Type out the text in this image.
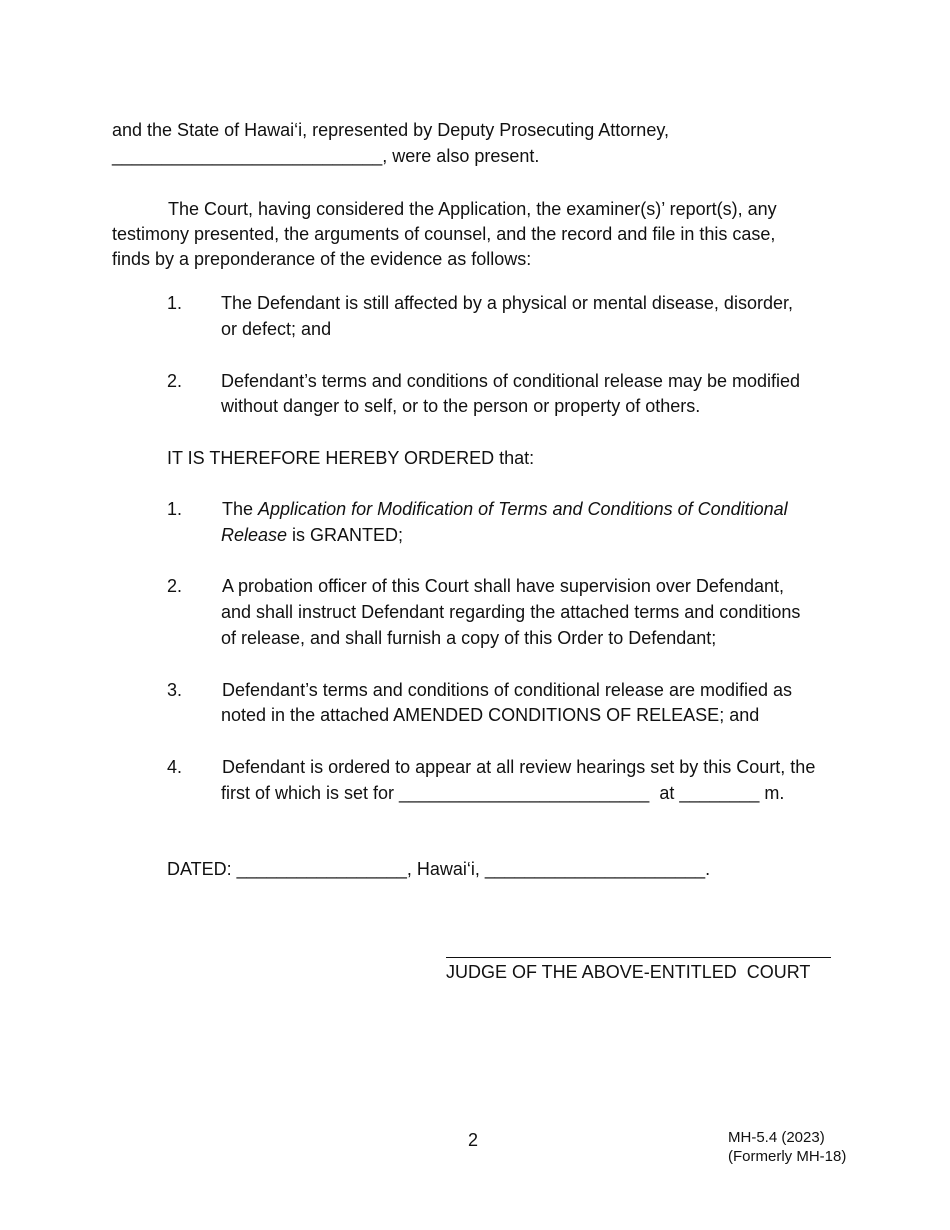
and the State of Hawai‘i, represented by Deputy Prosecuting Attorney,
___________________________, were also present.
The Court, having considered the Application, the examiner(s)’ report(s), any
testimony presented, the arguments of counsel, and the record and file in this case,
finds by a preponderance of the evidence as follows:
1. The Defendant is still affected by a physical or mental disease, disorder,
or defect; and
2. Defendant’s terms and conditions of conditional release may be modified
without danger to self, or to the person or property of others.
IT IS THEREFORE HEREBY ORDERED that:
1. The Application for Modification of Terms and Conditions of Conditional
Release is GRANTED;
2. A probation officer of this Court shall have supervision over Defendant,
and shall instruct Defendant regarding the attached terms and conditions
of release, and shall furnish a copy of this Order to Defendant;
3. Defendant’s terms and conditions of conditional release are modified as
noted in the attached AMENDED CONDITIONS OF RELEASE; and
4. Defendant is ordered to appear at all review hearings set by this Court, the
first of which is set for _________________________  at ________ m.
DATED: _________________, Hawai‘i, ______________________.
JUDGE OF THE ABOVE-ENTITLED  COURT
2	MH-5.4 (2023)
(Formerly MH-18)
